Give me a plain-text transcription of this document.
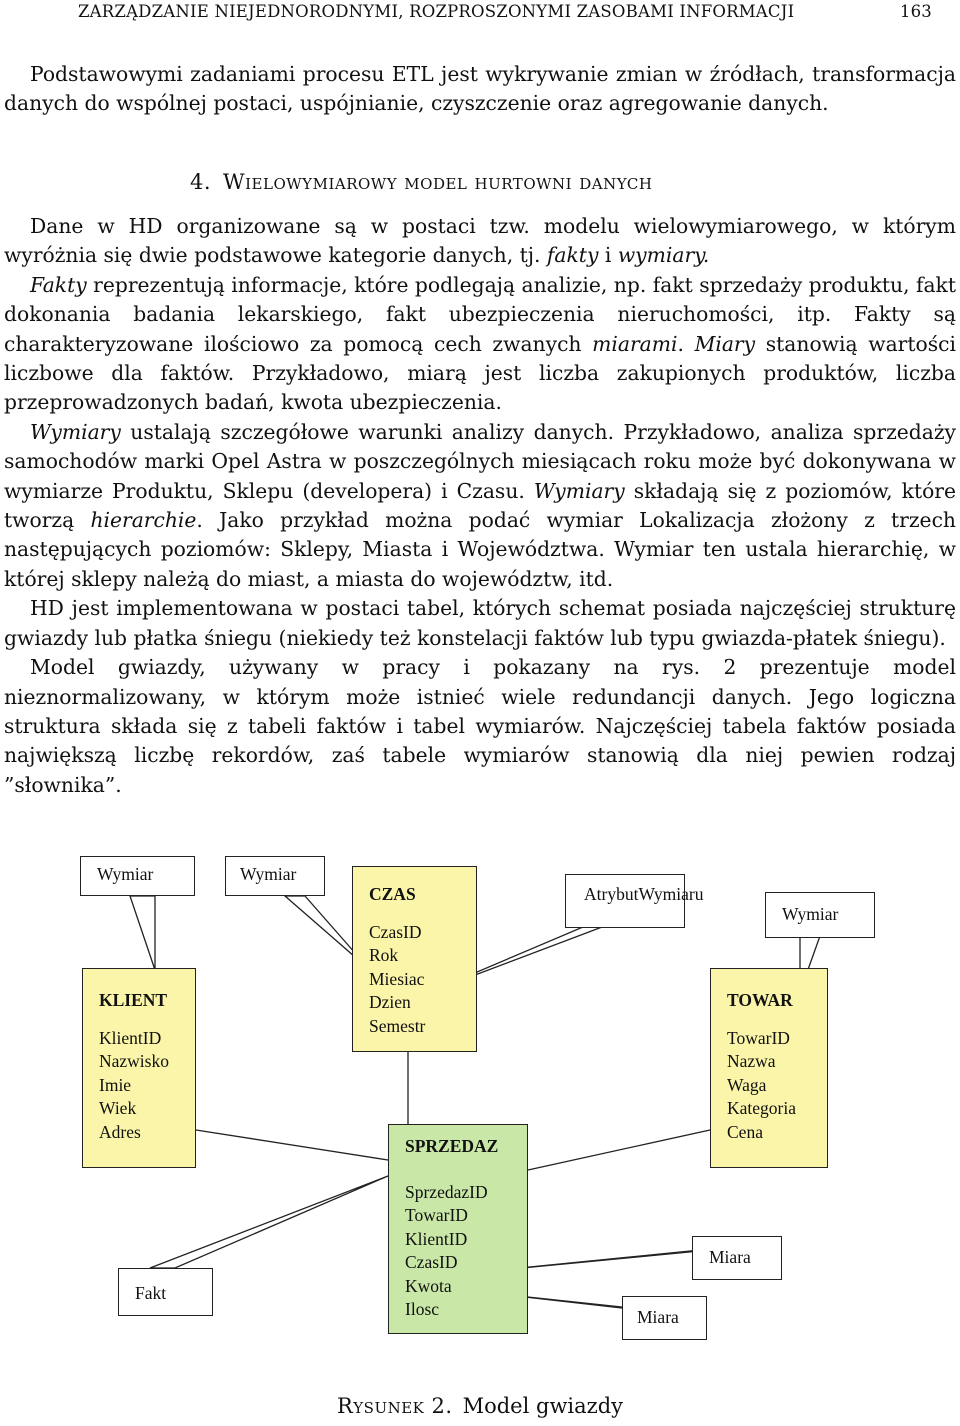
ZARZĄDZANIE NIEJEDNORODNYMI, ROZPROSZONYMI ZASOBAMI INFORMACJI	163

Podstawowymi zadaniami procesu ETL jest wykrywanie zmian w źródłach, transformacja danych do wspólnej postaci, uspójnianie, czyszczenie oraz agregowanie danych.

4. Wielowymiarowy model hurtowni danych

Dane w HD organizowane są w postaci tzw. modelu wielowymiarowego, w którym wyróżnia się dwie podstawowe kategorie danych, tj. fakty i wymiary.

Fakty reprezentują informacje, które podlegają analizie, np. fakt sprzedaży produktu, fakt dokonania badania lekarskiego, fakt ubezpieczenia nieruchomości, itp. Fakty są charakteryzowane ilościowo za pomocą cech zwanych miarami. Miary stanowią wartości liczbowe dla faktów. Przykładowo, miarą jest liczba zakupionych produktów, liczba przeprowadzonych badań, kwota ubezpieczenia.

Wymiary ustalają szczegółowe warunki analizy danych. Przykładowo, analiza sprzedaży samochodów marki Opel Astra w poszczególnych miesiącach roku może być dokonywana w wymiarze Produktu, Sklepu (developera) i Czasu. Wymiary składają się z poziomów, które tworzą hierarchie. Jako przykład można podać wymiar Lokalizacja złożony z trzech następujących poziomów: Sklepy, Miasta i Województwa. Wymiar ten ustala hierarchię, w której sklepy należą do miast, a miasta do województw, itd.

HD jest implementowana w postaci tabel, których schemat posiada najczęściej strukturę gwiazdy lub płatka śniegu (niekiedy też konstelacji faktów lub typu gwiazda-płatek śniegu).

Model gwiazdy, używany w pracy i pokazany na rys. 2 prezentuje model nieznormalizowany, w którym może istnieć wiele redundancji danych. Jego logiczna struktura składa się z tabeli faktów i tabel wymiarów. Najczęściej tabela faktów posiada największą liczbę rekordów, zaś tabele wymiarów stanowią dla niej pewien rodzaj ”słownika”.

Wymiar	Wymiar
AtrybutWymiaru
Wymiar
Fakt
Miara
Miara
KLIENT
KlientID
Nazwisko
Imie
Wiek
Adres
CZAS
CzasID
Rok
Miesiac
Dzien
Semestr
TOWAR
TowarID
Nazwa
Waga
Kategoria
Cena
SPRZEDAZ
SprzedazID
TowarID
KlientID
CzasID
Kwota
Ilosc
Rysunek 2. Model gwiazdy
